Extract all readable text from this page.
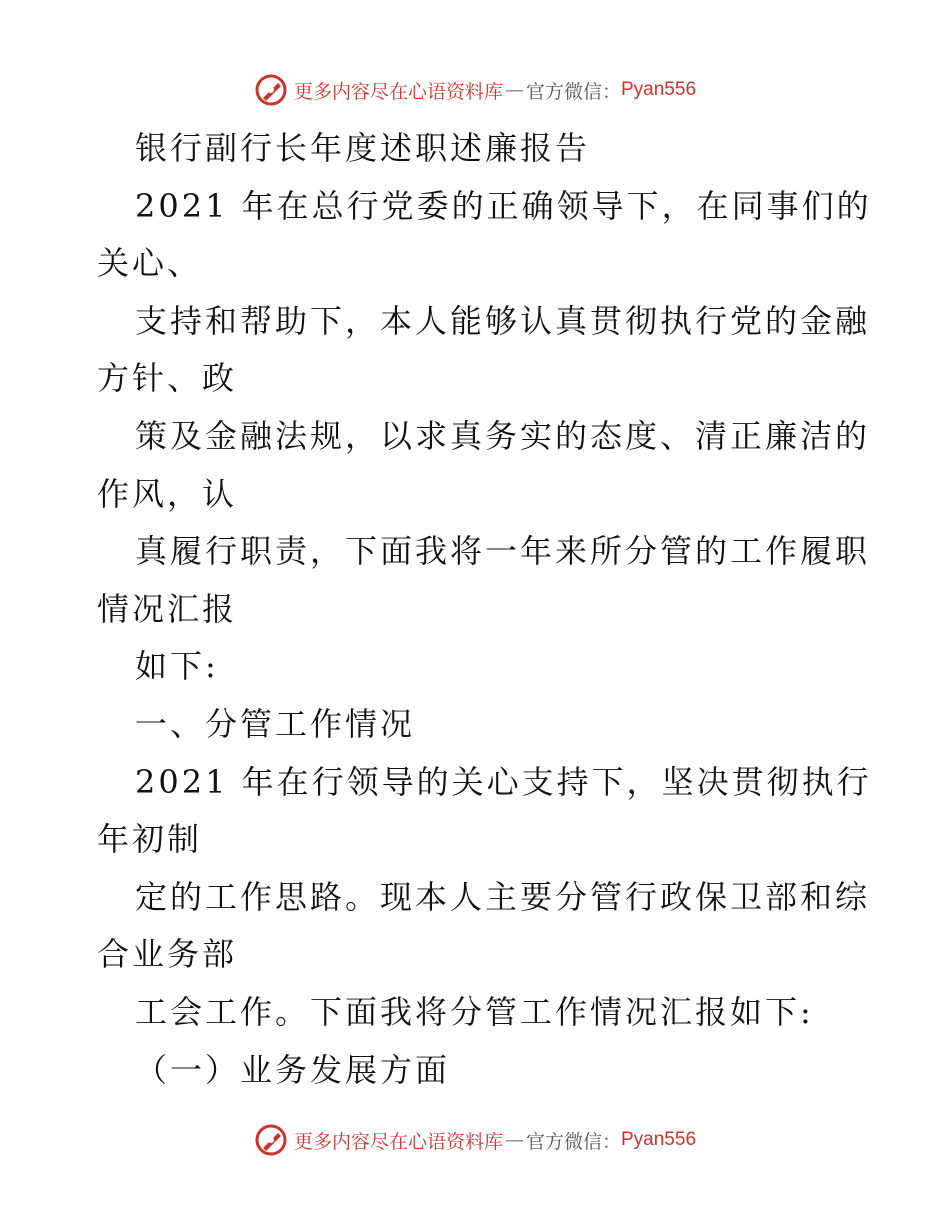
更多内容尽在心语资料库 — 官方微信： Pyan556
银行副行长年度述职述廉报告
2021 年在总行党委的正确领导下，在同事们的
关心、
支持和帮助下，本人能够认真贯彻执行党的金融
方针、政
策及金融法规，以求真务实的态度、清正廉洁的
作风，认
真履行职责，下面我将一年来所分管的工作履职
情况汇报
如下:
一、分管工作情况
2021 年在行领导的关心支持下，坚决贯彻执行
年初制
定的工作思路。现本人主要分管行政保卫部和综
合业务部
工会工作。下面我将分管工作情况汇报如下:
（一）业务发展方面
更多内容尽在心语资料库 — 官方微信： Pyan556
